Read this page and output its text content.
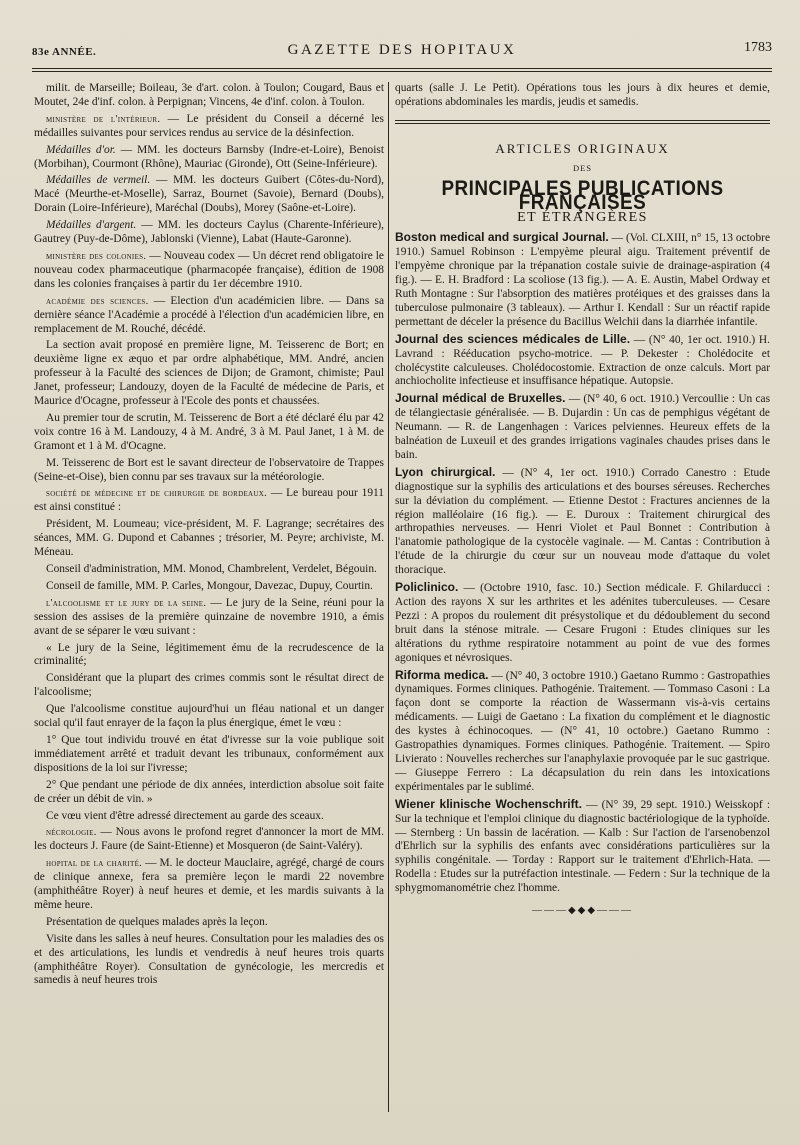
83e ANNÉE.	GAZETTE DES HOPITAUX	1783

milit. de Marseille; Boileau, 3e d'art. colon. à Toulon; Cougard, Baus et Moutet, 24e d'inf. colon. à Perpignan; Vincens, 4e d'inf. colon. à Toulon.

ministère de l'intérieur. — Le président du Conseil a décerné les médailles suivantes pour services rendus au service de la désinfection.

Médailles d'or. — MM. les docteurs Barnsby (Indre-et-Loire), Benoist (Morbihan), Courmont (Rhône), Mauriac (Gironde), Ott (Seine-Inférieure).

Médailles de vermeil. — MM. les docteurs Guibert (Côtes-du-Nord), Macé (Meurthe-et-Moselle), Sarraz, Bournet (Savoie), Bernard (Doubs), Dorain (Loire-Inférieure), Maréchal (Doubs), Morey (Saône-et-Loire).

Médailles d'argent. — MM. les docteurs Caylus (Charente-Inférieure), Gautrey (Puy-de-Dôme), Jablonski (Vienne), Labat (Haute-Garonne).

ministère des colonies. — Nouveau codex — Un décret rend obligatoire le nouveau codex pharmaceutique (pharmacopée française), édition de 1908 dans les colonies françaises à partir du 1er décembre 1910.

académie des sciences. — Election d'un académicien libre. — Dans sa dernière séance l'Académie a procédé à l'élection d'un académicien libre, en remplacement de M. Rouché, décédé.

La section avait proposé en première ligne, M. Teisserenc de Bort; en deuxième ligne ex æquo et par ordre alphabétique, MM. André, ancien professeur à la Faculté des sciences de Dijon; de Gramont, chimiste; Paul Janet, professeur; Landouzy, doyen de la Faculté de médecine de Paris, et Maurice d'Ocagne, professeur à l'Ecole des ponts et chaussées.

Au premier tour de scrutin, M. Teisserenc de Bort a été déclaré élu par 42 voix contre 16 à M. Landouzy, 4 à M. André, 3 à M. Paul Janet, 1 à M. de Gramont et 1 à M. d'Ocagne.

M. Teisserenc de Bort est le savant directeur de l'observatoire de Trappes (Seine-et-Oise), bien connu par ses travaux sur la météorologie.

société de médecine et de chirurgie de bordeaux. — Le bureau pour 1911 est ainsi constitué :

Président, M. Loumeau; vice-président, M. F. Lagrange; secrétaires des séances, MM. G. Dupond et Cabannes ; trésorier, M. Peyre; archiviste, M. Méneau.

Conseil d'administration, MM. Monod, Chambrelent, Verdelet, Bégouin.

Conseil de famille, MM. P. Carles, Mongour, Davezac, Dupuy, Courtin.

l'alcoolisme et le jury de la seine. — Le jury de la Seine, réuni pour la session des assises de la première quinzaine de novembre 1910, a émis avant de se séparer le vœu suivant :

« Le jury de la Seine, légitimement ému de la recrudescence de la criminalité;

Considérant que la plupart des crimes commis sont le résultat direct de l'alcoolisme;

Que l'alcoolisme constitue aujourd'hui un fléau national et un danger social qu'il faut enrayer de la façon la plus énergique, émet le vœu :

1° Que tout individu trouvé en état d'ivresse sur la voie publique soit immédiatement arrêté et traduit devant les tribunaux, conformément aux dispositions de la loi sur l'ivresse;

2° Que pendant une période de dix années, interdiction absolue soit faite de créer un débit de vin. »

Ce vœu vient d'être adressé directement au garde des sceaux.

nécrologie. — Nous avons le profond regret d'annoncer la mort de MM. les docteurs J. Faure (de Saint-Etienne) et Mosqueron (de Saint-Valéry).

hopital de la charité. — M. le docteur Mauclaire, agrégé, chargé de cours de clinique annexe, fera sa première leçon le mardi 22 novembre (amphithéâtre Royer) à neuf heures et demie, et les mardis suivants à la même heure.

Présentation de quelques malades après la leçon.

Visite dans les salles à neuf heures. Consultation pour les maladies des os et des articulations, les lundis et vendredis à neuf heures trois quarts (amphithéâtre Royer). Consultation de gynécologie, les mercredis et samedis à neuf heures trois

quarts (salle J. Le Petit). Opérations tous les jours à dix heures et demie, opérations abdominales les mardis, jeudis et samedis.

ARTICLES ORIGINAUX
DES
PRINCIPALES PUBLICATIONS FRANÇAISES
ET ÉTRANGÈRES

Boston medical and surgical Journal. — (Vol. CLXIII, n° 15, 13 octobre 1910.) Samuel Robinson : L'empyème pleural aigu. Traitement préventif de l'empyème chronique par la trépanation costale suivie de drainage-aspiration (4 fig.). — E. H. Bradford : La scoliose (13 fig.). — A. E. Austin, Mabel Ordway et Ruth Montagne : Sur l'absorption des matières protéiques et des graisses dans la tuberculose pulmonaire (3 tableaux). — Arthur I. Kendall : Sur un réactif rapide permettant de déceler la présence du Bacillus Welchii dans la diarrhée infantile.

Journal des sciences médicales de Lille. — (N° 40, 1er oct. 1910.) H. Lavrand : Rééducation psycho-motrice. — P. Dekester : Cholédocite et cholécystite calculeuses. Cholédocostomie. Extraction de onze calculs. Mort par anchiocholite infectieuse et insuffisance hépatique. Autopsie.

Journal médical de Bruxelles. — (N° 40, 6 oct. 1910.) Vercoullie : Un cas de télangiectasie généralisée. — B. Dujardin : Un cas de pemphigus végétant de Neumann. — R. de Langenhagen : Varices pelviennes. Heureux effets de la balnéation de Luxeuil et des grandes irrigations vaginales chaudes prises dans le bain.

Lyon chirurgical. — (N° 4, 1er oct. 1910.) Corrado Canestro : Etude diagnostique sur la syphilis des articulations et des bourses séreuses. Recherches sur la déviation du complément. — Etienne Destot : Fractures anciennes de la région malléolaire (16 fig.). — E. Duroux : Traitement chirurgical des arthropathies nerveuses. — Henri Violet et Paul Bonnet : Contribution à l'anatomie pathologique de la cystocèle vaginale. — M. Cantas : Contribution à l'étude de la chirurgie du cœur sur un nouveau mode d'attaque du volet thoracique.

Policlinico. — (Octobre 1910, fasc. 10.) Section médicale. F. Ghilarducci : Action des rayons X sur les arthrites et les adénites tuberculeuses. — Cesare Pezzi : A propos du roulement dit présystolique et du dédoublement du second bruit dans la sténose mitrale. — Cesare Frugoni : Etudes cliniques sur les altérations du rythme respiratoire notamment au point de vue des formes agoniques et névrosiques.

Riforma medica. — (N° 40, 3 octobre 1910.) Gaetano Rummo : Gastropathies dynamiques. Formes cliniques. Pathogénie. Traitement. — Tommaso Casoni : La façon dont se comporte la réaction de Wassermann vis-à-vis certains médicaments. — Luigi de Gaetano : La fixation du complément et le diagnostic des kystes à échinocoques. — (N° 41, 10 octobre.) Gaetano Rummo : Gastropathies dynamiques. Formes cliniques. Pathogénie. Traitement. — Spiro Livierato : Nouvelles recherches sur l'anaphylaxie provoquée par le suc gastrique. — Giuseppe Ferrero : La décapsulation du rein dans les intoxications expérimentales par le sublimé.

Wiener klinische Wochenschrift. — (N° 39, 29 sept. 1910.) Weisskopf : Sur la technique et l'emploi clinique du diagnostic bactériologique de la typhoïde. — Sternberg : Un bassin de lacération. — Kalb : Sur l'action de l'arsenobenzol d'Ehrlich sur la syphilis des enfants avec considérations particulières sur la syphilis congénitale. — Torday : Rapport sur le traitement d'Ehrlich-Hata. — Rodella : Etudes sur la putréfaction intestinale. — Federn : Sur la technique de la sphygmomanométrie chez l'homme.

———◆◆◆———
